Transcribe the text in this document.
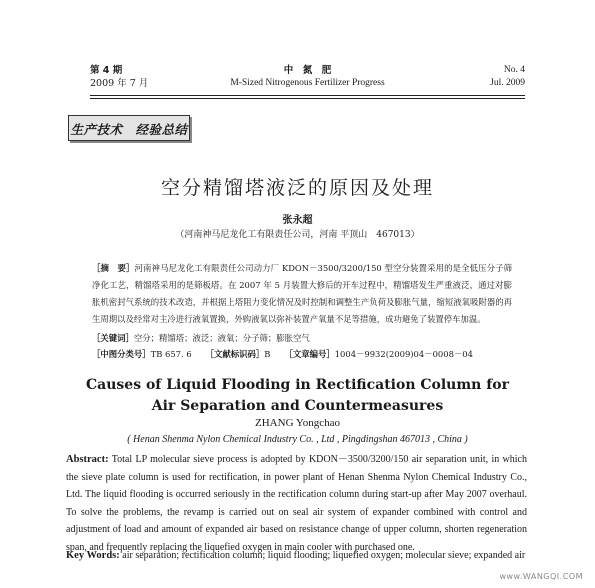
第 4 期
2009 年 7 月
中　氮　肥
M-Sized Nitrogenous Fertilizer Progress
No. 4
Jul. 2009
生产技术　经验总结
空分精馏塔液泛的原因及处理
张永超
（河南神马尼龙化工有限责任公司，河南 平顶山　467013）
［摘　要］河南神马尼龙化工有限责任公司动力厂 KDON－3500/3200/150 型空分装置采用的是全低压分子筛净化工艺，精馏塔采用的是筛板塔。在 2007 年 5 月装置大修后的开车过程中，精馏塔发生严重液泛，通过对膨胀机密封气系统的技术改造，并根据上塔阻力变化情况及时控制和调整生产负荷及膨胀气量，缩短液氧吸附器的再生周期以及经常对主冷进行液氧置换，外购液氧以弥补装置产氧量不足等措施，成功避免了装置停车加温。
［关键词］空分；精馏塔；液泛；液氧；分子筛；膨胀空气
［中图分类号］TB 657. 6 ［文献标识码］B ［文章编号］1004－9932(2009)04－0008－04
Causes of Liquid Flooding in Rectification Column for
Air Separation and Countermeasures
ZHANG Yongchao
( Henan Shenma Nylon Chemical Industry Co. , Ltd , Pingdingshan 467013 , China )
Abstract: Total LP molecular sieve process is adopted by KDON－3500/3200/150 air separation unit, in which the sieve plate column is used for rectification, in power plant of Henan Shenma Nylon Chemical Industry Co., Ltd. The liquid flooding is occurred seriously in the rectification column during start-up after May 2007 overhaul. To solve the problems, the revamp is carried out on seal air system of expander combined with control and adjustment of load and amount of expanded air based on resistance change of upper column, shorten regeneration span, and frequently replacing the liquefied oxygen in main cooler with purchased one.
Key Words: air separation; rectification column; liquid flooding; liquefied oxygen; molecular sieve; expanded air
www.WANGQI.COM
